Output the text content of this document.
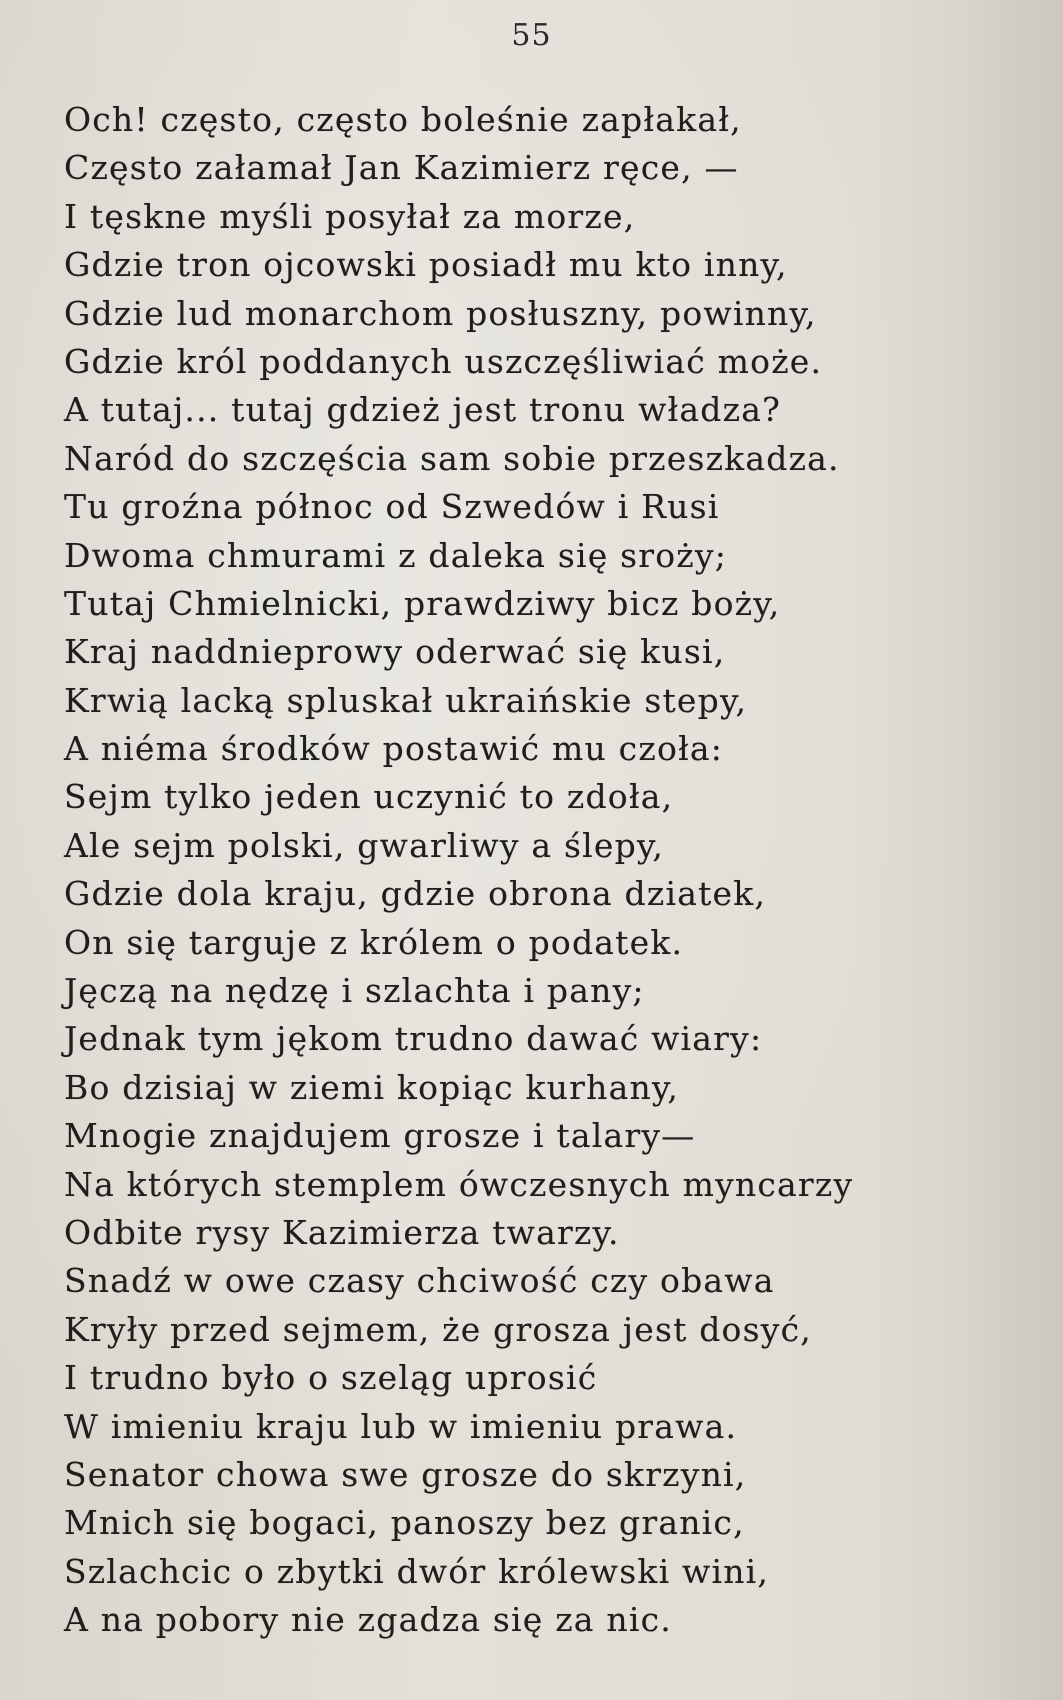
55
Och! często, często boleśnie zapłakał,
Często załamał Jan Kazimierz ręce, —
I tęskne myśli posyłał za morze,
Gdzie tron ojcowski posiadł mu kto inny,
Gdzie lud monarchom posłuszny, powinny,
Gdzie król poddanych uszczęśliwiać może.
A tutaj... tutaj gdzież jest tronu władza?
Naród do szczęścia sam sobie przeszkadza.
Tu groźna północ od Szwedów i Rusi
Dwoma chmurami z daleka się sroży;
Tutaj Chmielnicki, prawdziwy bicz boży,
Kraj naddnieprowy oderwać się kusi,
Krwią lacką spluskał ukraińskie stepy,
A niéma środków postawić mu czoła:
Sejm tylko jeden uczynić to zdoła,
Ale sejm polski, gwarliwy a ślepy,
Gdzie dola kraju, gdzie obrona dziatek,
On się targuje z królem o podatek.
Jęczą na nędzę i szlachta i pany;
Jednak tym jękom trudno dawać wiary:
Bo dzisiaj w ziemi kopiąc kurhany,
Mnogie znajdujem grosze i talary—
Na których stemplem ówczesnych myncarzy
Odbite rysy Kazimierza twarzy.
Snadź w owe czasy chciwość czy obawa
Kryły przed sejmem, że grosza jest dosyć,
I trudno było o szeląg uprosić
W imieniu kraju lub w imieniu prawa.
Senator chowa swe grosze do skrzyni,
Mnich się bogaci, panoszy bez granic,
Szlachcic o zbytki dwór królewski wini,
A na pobory nie zgadza się za nic.
